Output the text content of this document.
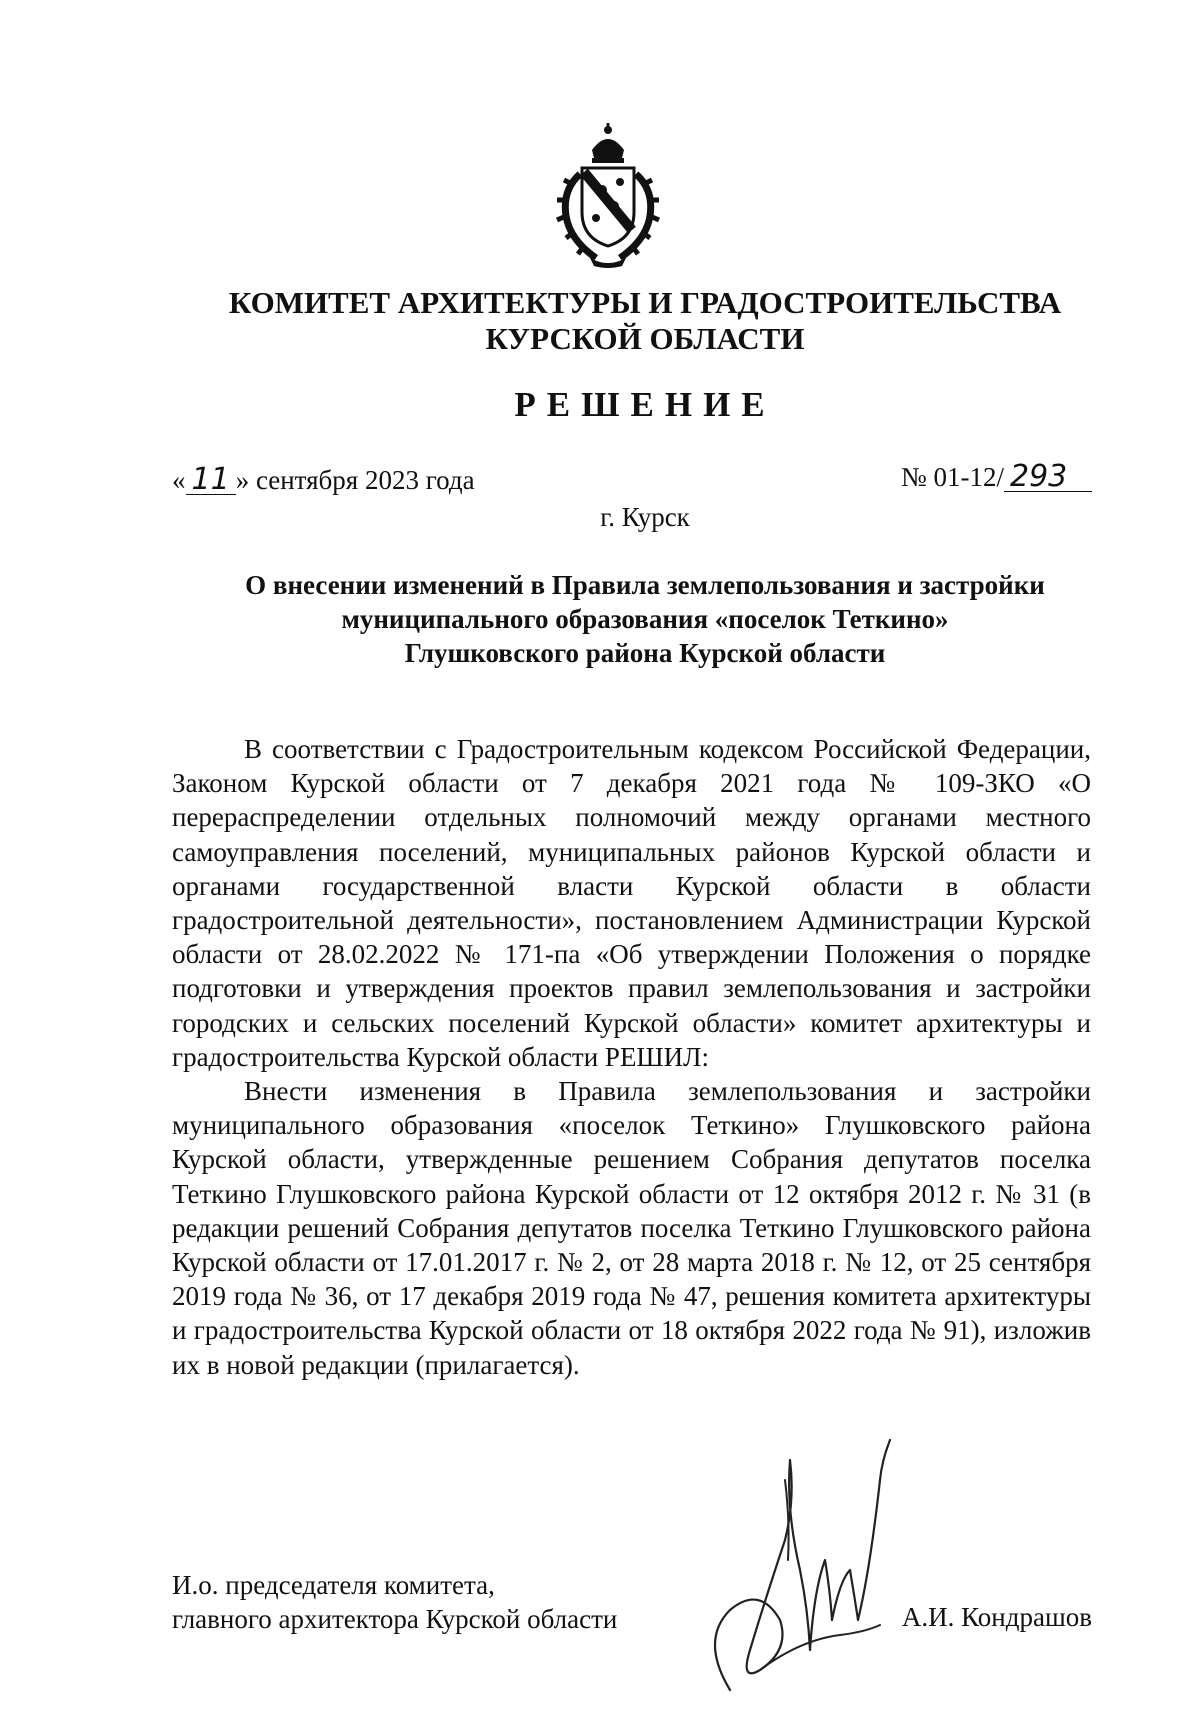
КОМИТЕТ АРХИТЕКТУРЫ И ГРАДОСТРОИТЕЛЬСТВА
КУРСКОЙ ОБЛАСТИ
РЕШЕНИЕ
« 11 » сентября 2023 года	№ 01-12/ 293
г. Курск
О внесении изменений в Правила землепользования и застройки
муниципального образования «поселок Теткино»
Глушковского района Курской области

В соответствии с Градостроительным кодексом Российской Федерации, Законом Курской области от 7 декабря 2021 года № 109-ЗКО «О перераспределении отдельных полномочий между органами местного самоуправления поселений, муниципальных районов Курской области и органами государственной власти Курской области в области градостроительной деятельности», постановлением Администрации Курской области от 28.02.2022 № 171-па «Об утверждении Положения о порядке подготовки и утверждения проектов правил землепользования и застройки городских и сельских поселений Курской области» комитет архитектуры и градостроительства Курской области РЕШИЛ:

Внести изменения в Правила землепользования и застройки муниципального образования «поселок Теткино» Глушковского района Курской области, утвержденные решением Собрания депутатов поселка Теткино Глушковского района Курской области от 12 октября 2012 г. № 31 (в редакции решений Собрания депутатов поселка Теткино Глушковского района Курской области от 17.01.2017 г. № 2, от 28 марта 2018 г. № 12, от 25 сентября 2019 года № 36, от 17 декабря 2019 года № 47, решения комитета архитектуры и градостроительства Курской области от 18 октября 2022 года № 91), изложив их в новой редакции (прилагается).

И.о. председателя комитета,
главного архитектора Курской области	А.И. Кондрашов
